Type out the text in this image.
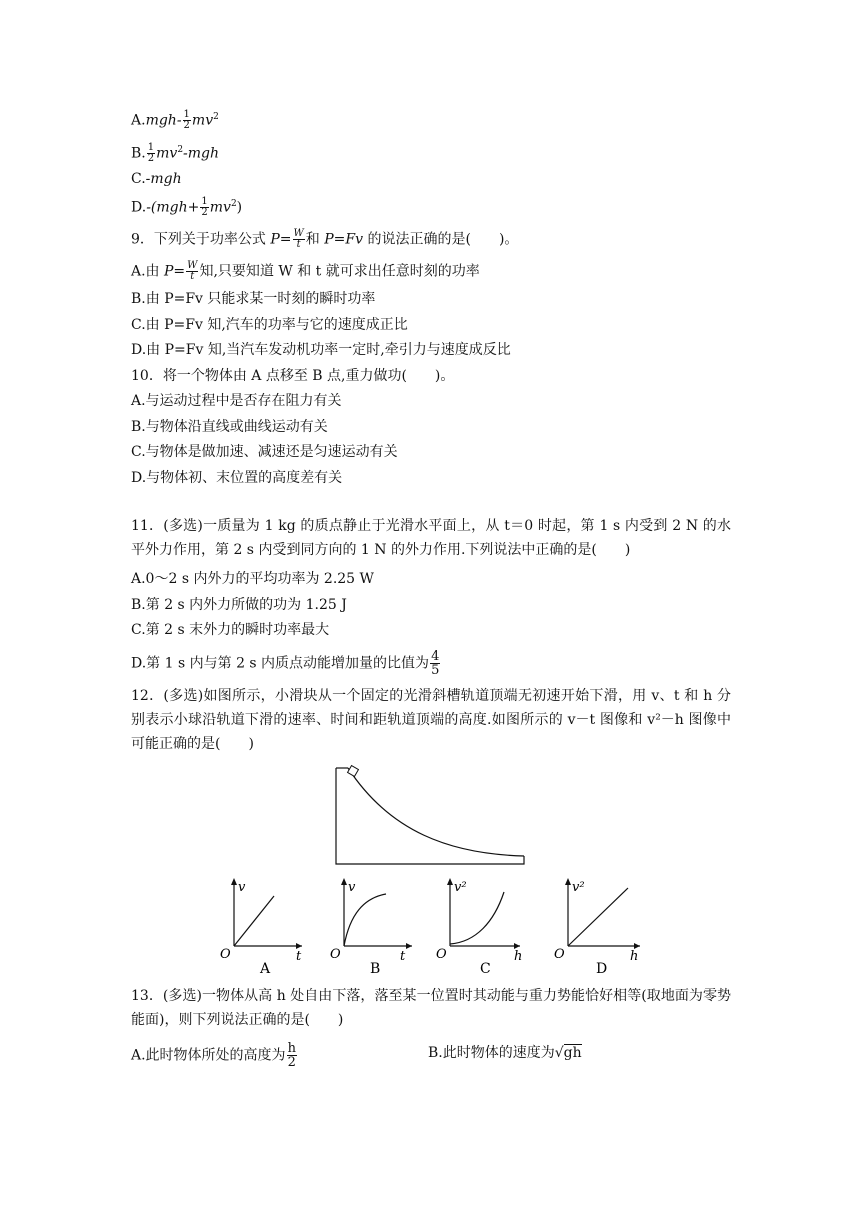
$A.mgh- \frac{1}{2} mv^2$
B. $\frac{1}{2} mv^2-mgh$
C.-mgh
$D.-(mgh+ \frac{1}{2} mv^2)$
9．下列关于功率公式 $P= \frac{W}{t}$ 和 P=Fv 的说法正确的是(　　)。
A.由 $P= \frac{W}{t}$ 知,只要知道 W 和 t 就可求出任意时刻的功率
B.由 P=Fv 只能求某一时刻的瞬时功率
C.由 P=Fv 知,汽车的功率与它的速度成正比
D.由 P=Fv 知,当汽车发动机功率一定时,牵引力与速度成反比
10．将一个物体由 A 点移至 B 点,重力做功(　　)。
A.与运动过程中是否存在阻力有关
B.与物体沿直线或曲线运动有关
C.与物体是做加速、减速还是匀速运动有关
D.与物体初、末位置的高度差有关
11．(多选)一质量为 1 kg 的质点静止于光滑水平面上，从 t＝0 时起，第 1 s 内受到 2 N 的水平外力作用，第 2 s 内受到同方向的 1 N 的外力作用.下列说法中正确的是(　　)
A.0～2 s 内外力的平均功率为 2.25 W
B.第 2 s 内外力所做的功为 1.25 J
C.第 2 s 末外力的瞬时功率最大
D.第 1 s 内与第 2 s 内质点动能增加量的比值为 $\frac{4}{5}$
12．(多选)如图所示，小滑块从一个固定的光滑斜槽轨道顶端无初速开始下滑，用 v、t 和 h 分别表示小球沿轨道下滑的速率、时间和距轨道顶端的高度.如图所示的 v－t 图像和 v²－h 图像中可能正确的是(　　)
v
t
O
A
v
t
O
B
v²
h
O
C
v²
h
O
D
13．(多选)一物体从高 h 处自由下落，落至某一位置时其动能与重力势能恰好相等(取地面为零势能面)，则下列说法正确的是(　　)
A.此时物体所处的高度为 $\frac{h}{2}$	B.此时物体的速度为√gh
